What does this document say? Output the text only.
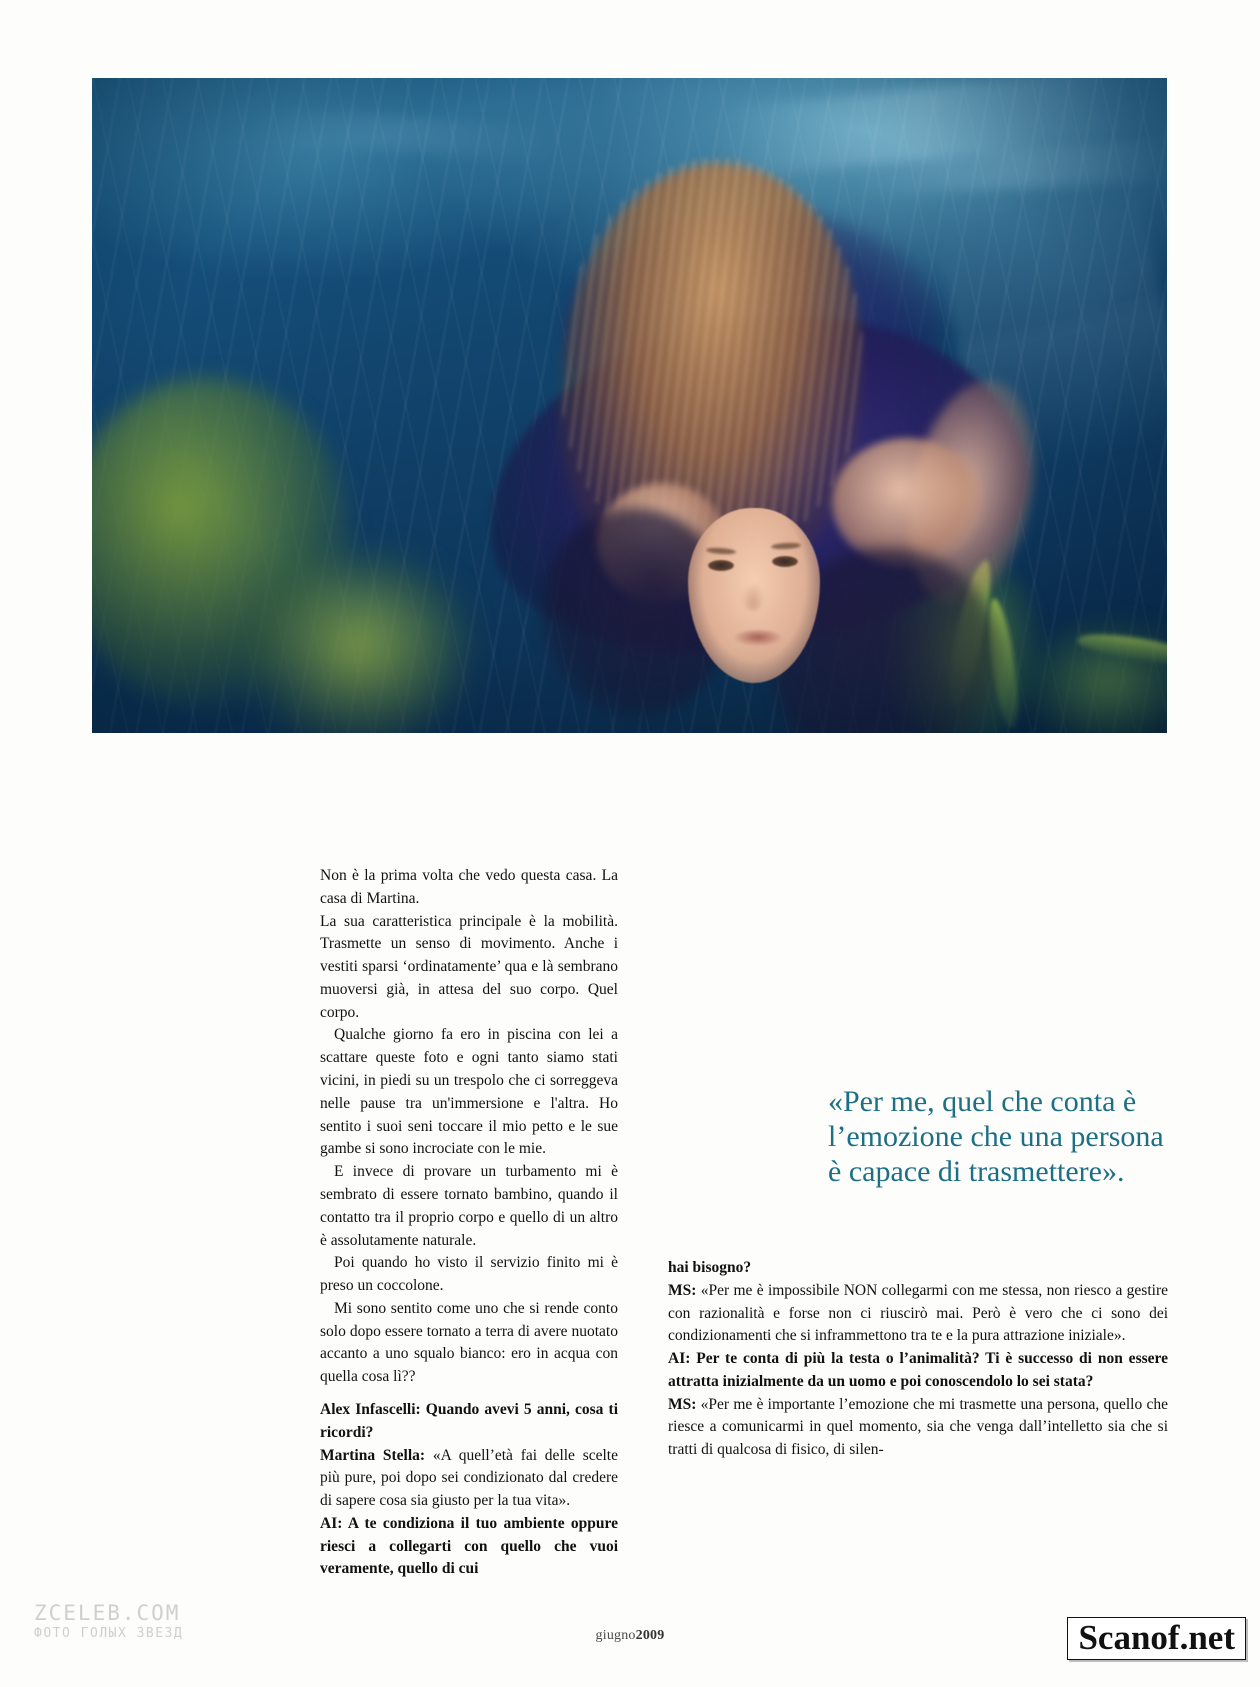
Non è la prima volta che vedo questa casa. La casa di Martina.

La sua caratteristica principale è la mobilità. Trasmette un senso di movimento. Anche i vestiti sparsi ‘ordinatamente’ qua e là sembrano muoversi già, in attesa del suo corpo. Quel corpo.

Qualche giorno fa ero in piscina con lei a scattare queste foto e ogni tanto siamo stati vicini, in piedi su un trespolo che ci sorreggeva nelle pause tra un'immersione e l'altra. Ho sentito i suoi seni toccare il mio petto e le sue gambe si sono incrociate con le mie.

E invece di provare un turbamento mi è sembrato di essere tornato bambino, quando il contatto tra il proprio corpo e quello di un altro è assolutamente naturale.

Poi quando ho visto il servizio finito mi è preso un coccolone.

Mi sono sentito come uno che si rende conto solo dopo essere tornato a terra di avere nuotato accanto a uno squalo bianco: ero in acqua con quella cosa lì??

Alex Infascelli: Quando avevi 5 anni, cosa ti ricordi?

Martina Stella: «A quell’età fai delle scelte più pure, poi dopo sei condizionato dal credere di sapere cosa sia giusto per la tua vita».

AI: A te condiziona il tuo ambiente oppure riesci a collegarti con quello che vuoi veramente, quello di cui

«Per me, quel che conta è l’emozione che una persona è capace di trasmettere».

hai bisogno?

MS: «Per me è impossibile NON collegarmi con me stessa, non riesco a gestire con razionalità e forse non ci riuscirò mai. Però è vero che ci sono dei condizionamenti che si inframmettono tra te e la pura attrazione iniziale».

AI: Per te conta di più la testa o l’animalità? Ti è successo di non essere attratta inizialmente da un uomo e poi conoscendolo lo sei stata?

MS: «Per me è importante l’emozione che mi trasmette una persona, quello che riesce a comunicarmi in quel momento, sia che venga dall’intelletto sia che si tratti di qualcosa di fisico, di silen-

giugno2009
ZCELEB.COM
ФОТО ГОЛЫХ ЗВЕЗД	Scanof.net
